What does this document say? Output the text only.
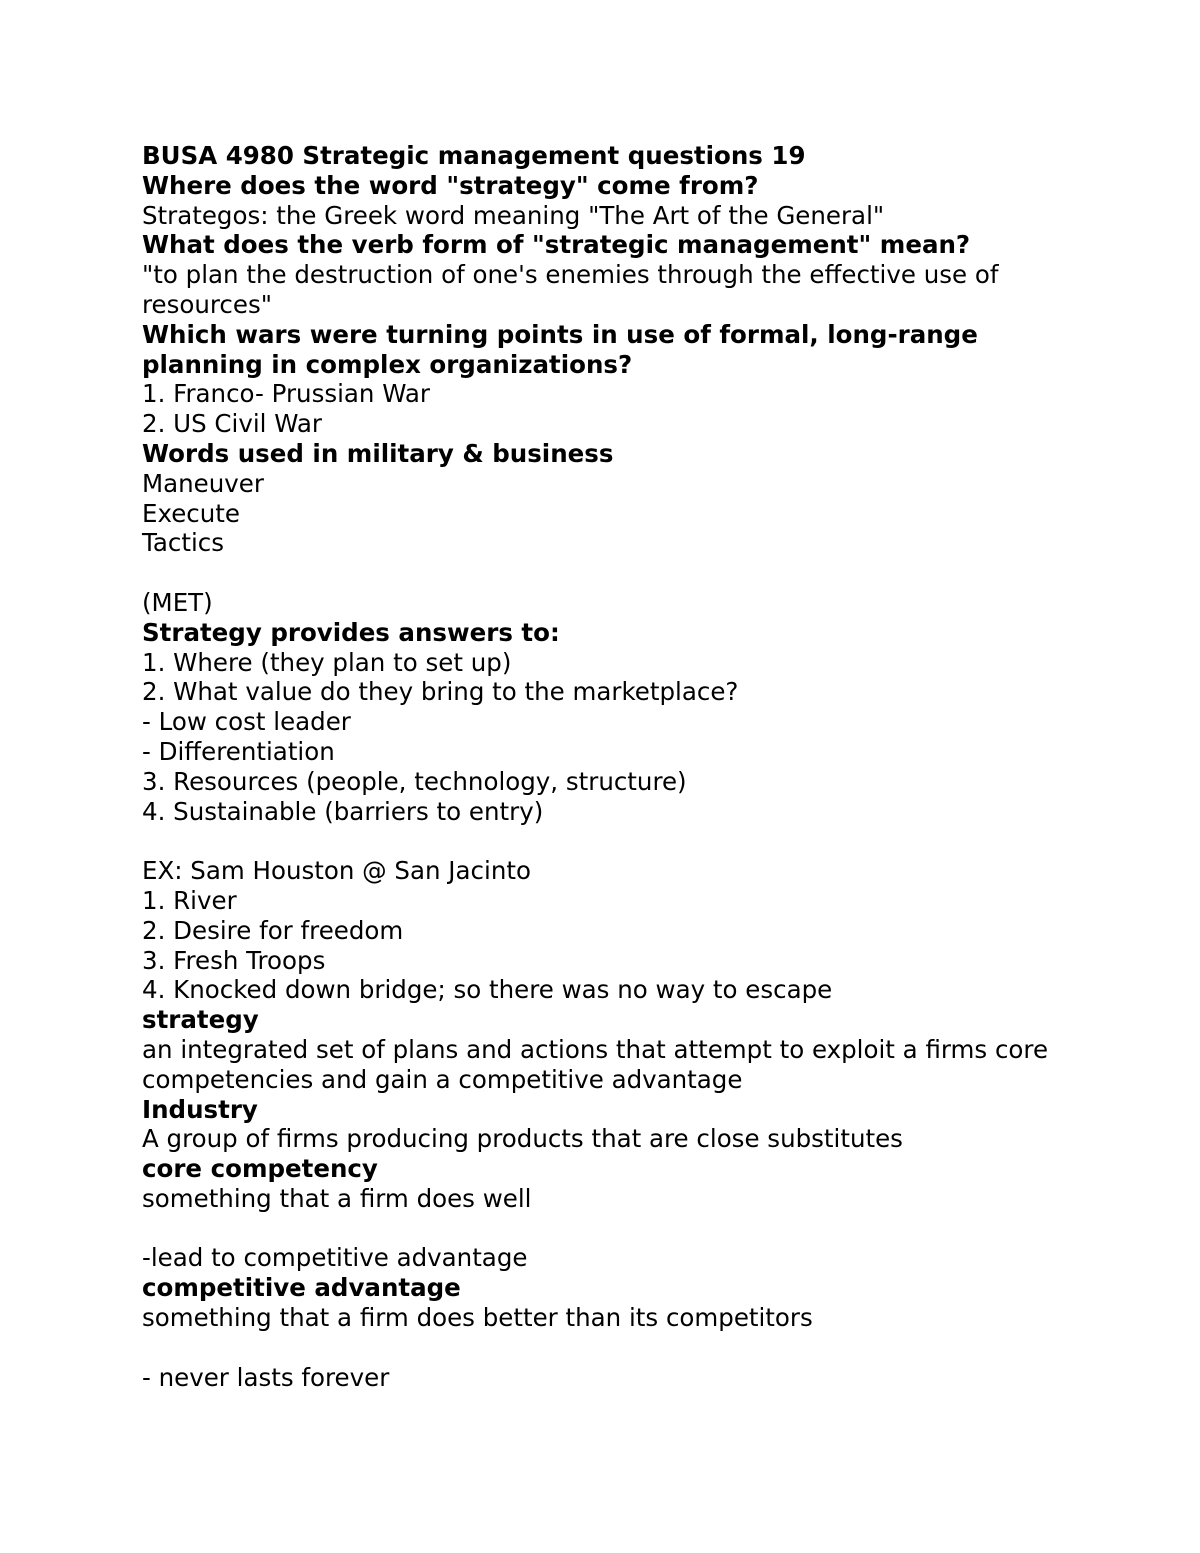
BUSA 4980 Strategic management questions 19
Where does the word "strategy" come from?
Strategos: the Greek word meaning "The Art of the General"
What does the verb form of "strategic management" mean?
"to plan the destruction of one's enemies through the effective use of resources"
Which wars were turning points in use of formal, long-range planning in complex organizations?
1. Franco- Prussian War
2. US Civil War
Words used in military & business
Maneuver
Execute
Tactics
(MET)
Strategy provides answers to:
1. Where (they plan to set up)
2. What value do they bring to the marketplace?
- Low cost leader
- Differentiation
3. Resources (people, technology, structure)
4. Sustainable (barriers to entry)
EX: Sam Houston @ San Jacinto
1. River
2. Desire for freedom
3. Fresh Troops
4. Knocked down bridge; so there was no way to escape
strategy
an integrated set of plans and actions that attempt to exploit a firms core competencies and gain a competitive advantage
Industry
A group of firms producing products that are close substitutes
core competency
something that a firm does well
-lead to competitive advantage
competitive advantage
something that a firm does better than its competitors
- never lasts forever
